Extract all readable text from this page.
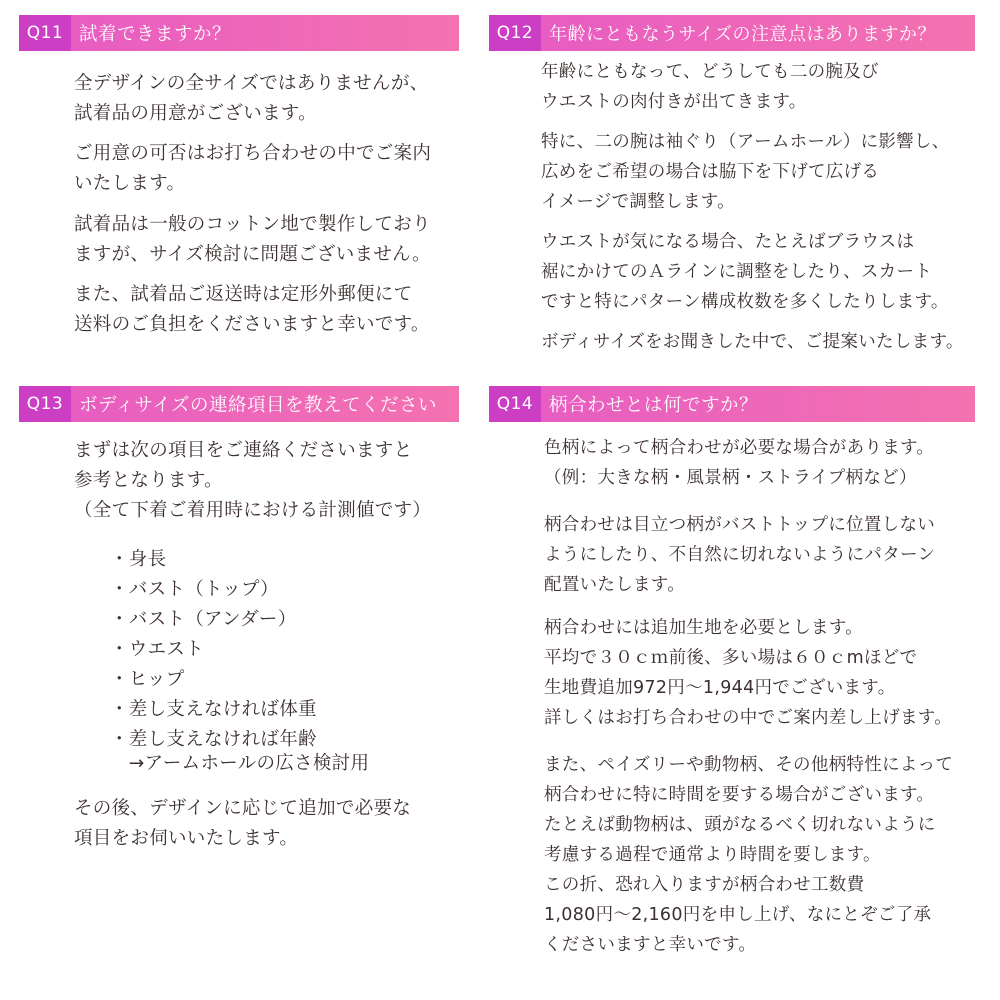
Q11 試着できますか？

全デザインの全サイズではありませんが、
試着品の用意がございます。

ご用意の可否はお打ち合わせの中でご案内
いたします。

試着品は一般のコットン地で製作しており
ますが、サイズ検討に問題ございません。

また、試着品ご返送時は定形外郵便にて
送料のご負担をくださいますと幸いです。

Q12 年齢にともなうサイズの注意点はありますか？

年齢にともなって、どうしても二の腕及び
ウエストの肉付きが出てきます。

特に、二の腕は袖ぐり（アームホール）に影響し、
広めをご希望の場合は脇下を下げて広げる
イメージで調整します。

ウエストが気になる場合、たとえばブラウスは
裾にかけてのＡラインに調整をしたり、スカート
ですと特にパターン構成枚数を多くしたりします。

ボディサイズをお聞きした中で、ご提案いたします。

Q13 ボディサイズの連絡項目を教えてください

まずは次の項目をご連絡くださいますと
参考となります。
（全て下着ご着用時における計測値です）

・身長
・バスト（トップ）
・バスト（アンダー）
・ウエスト
・ヒップ
・差し支えなければ体重
・差し支えなければ年齢
　→アームホールの広さ検討用

その後、デザインに応じて追加で必要な
項目をお伺いいたします。

Q14 柄合わせとは何ですか？

色柄によって柄合わせが必要な場合があります。
（例：大きな柄・風景柄・ストライプ柄など）

柄合わせは目立つ柄がバストトップに位置しない
ようにしたり、不自然に切れないようにパターン
配置いたします。

柄合わせには追加生地を必要とします。
平均で３０ｃｍ前後、多い場は６０ｃmほどで
生地費追加972円〜1,944円でございます。
詳しくはお打ち合わせの中でご案内差し上げます。

また、ペイズリーや動物柄、その他柄特性によって
柄合わせに特に時間を要する場合がございます。
たとえば動物柄は、頭がなるべく切れないように
考慮する過程で通常より時間を要します。
この折、恐れ入りますが柄合わせ工数費
1,080円〜2,160円を申し上げ、なにとぞご了承
くださいますと幸いです。
